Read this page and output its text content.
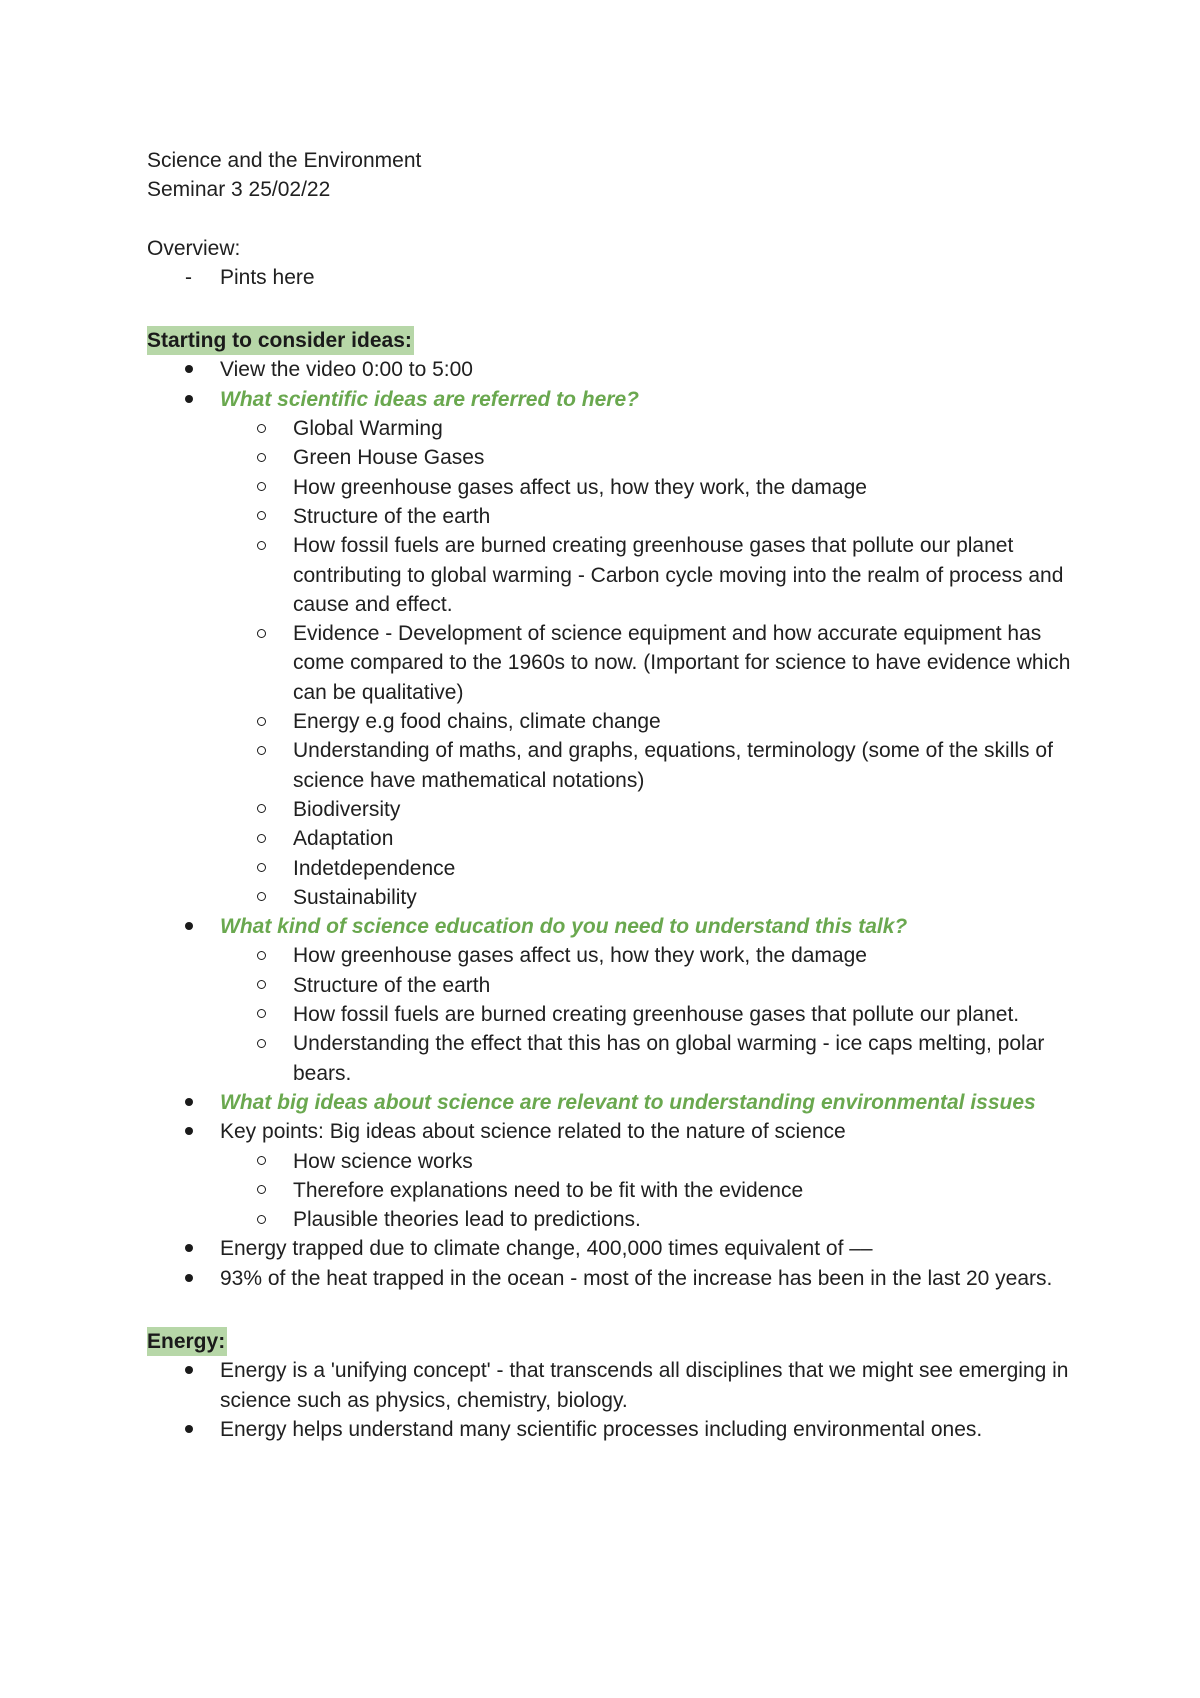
Science and the Environment
Seminar 3 25/02/22
Overview:
-	Pints here
Starting to consider ideas:
View the video 0:00 to 5:00
What scientific ideas are referred to here?
Global Warming
Green House Gases
How greenhouse gases affect us, how they work, the damage
Structure of the earth
How fossil fuels are burned creating greenhouse gases that pollute our planet contributing to global warming - Carbon cycle moving into the realm of process and cause and effect.
Evidence - Development of science equipment and how accurate equipment has come compared to the 1960s to now. (Important for science to have evidence which can be qualitative)
Energy e.g food chains, climate change
Understanding of maths, and graphs, equations, terminology (some of the skills of science have mathematical notations)
Biodiversity
Adaptation
Indetdependence
Sustainability
What kind of science education do you need to understand this talk?
How greenhouse gases affect us, how they work, the damage
Structure of the earth
How fossil fuels are burned creating greenhouse gases that pollute our planet.
Understanding the effect that this has on global warming - ice caps melting, polar bears.
What big ideas about science are relevant to understanding environmental issues
Key points: Big ideas about science related to the nature of science
How science works
Therefore explanations need to be fit with the evidence
Plausible theories lead to predictions.
Energy trapped due to climate change, 400,000 times equivalent of ––
93% of the heat trapped in the ocean - most of the increase has been in the last 20 years.
Energy:
Energy is a 'unifying concept' - that transcends all disciplines that we might see emerging in science such as physics, chemistry, biology.
Energy helps understand many scientific processes including environmental ones.
